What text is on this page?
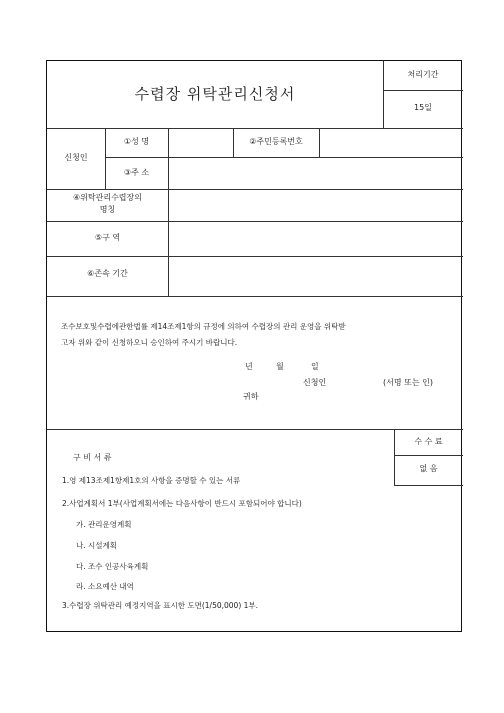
수렵장 위탁관리신청서
처리기간
15일
신청인
①성 명	②주민등록번호
③주 소
④위탁관리수렵장의
명칭
⑤구 역
⑥존속 기간
조수보호및수렵에관한법률 제14조제1항의 규정에 의하여 수렵장의 관리 운영을 위탁받
고자 위와 같이 신청하오니 승인하여 주시기 바랍니다.
년	월	일
신청인	(서명 또는 인)
귀하
구 비 서 류
1.영 제13조제1항제1호의 사항을 증명할 수 있는 서류
2.사업계획서 1부(사업계획서에는 다음사항이 반드시 포함되어야 합니다)
가. 관리운영계획
나. 시설계획
다. 조수 인공사육계획
라. 소요예산 내역
3.수렵장 위탁관리 예정지역을 표시한 도면(1/50,000) 1부.
수 수 료
없 음
